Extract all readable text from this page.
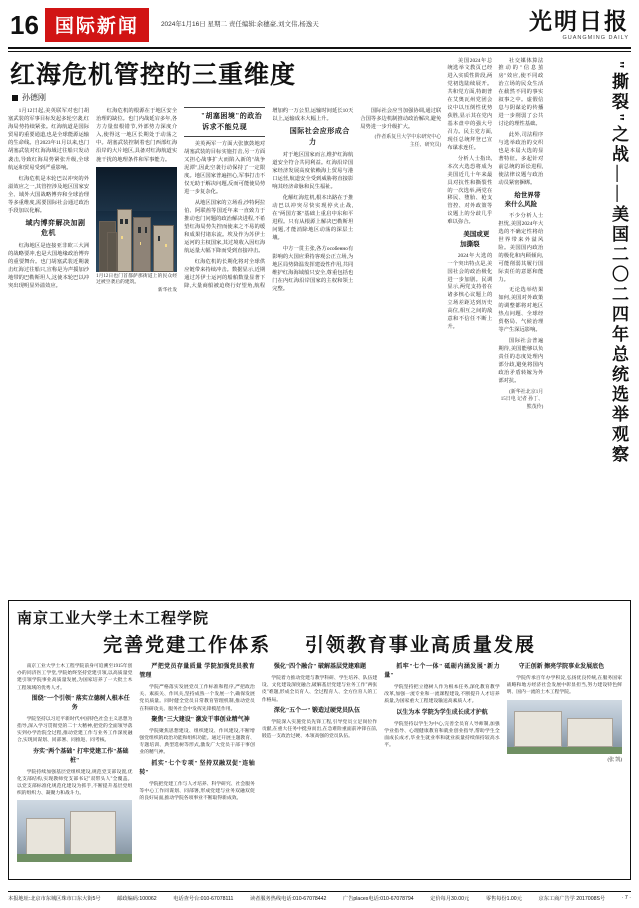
16 国际新闻	2024年1月16日 星期二 责任编辑:余穗豪,刘文伟,杨逸天	光明日报
GUANGMING DAILY
红海危机管控的三重维度
孙德刚

1月12日起,美英联军对也门胡塞武装的军事目标发起多轮空袭,红海局势持续紧张。红海航道是国际贸易的重要通道,也是全球能源运输的生命线。自2023年11月以来,也门胡塞武装对红海海域过往船只发动袭击,导致红海局势紧张升级,全球航运和贸易受到严重影响。

红海危机是本轮巴以冲突的外溢效应之一,其管控涉及地区国家安全、域外大国战略博弈和全球治理等多重维度,需要国际社会通过政治手段加以化解。

域内博弈解决加剧危机

红海地区是连接亚非欧三大洲的战略要冲,也是大国地缘政治博弈的重要舞台。也门胡塞武装近期袭击红海过往船只,宣称是为声援加沙地带的巴勒斯坦人,这使本轮巴以冲突出现明显外溢效应。

红海危机的根源在于地区安全治理的缺位。也门内战延宕多年,各方力量盘根错节,外部势力深度介入,使得这一地区长期处于动荡之中。胡塞武装控制着也门西部红海沿岸的大片地区,具备对红海航道实施干扰的地理条件和军事能力。

1月12日也门首都萨那街道上的民众经过被空袭后的建筑。
新华社发

"胡塞困境"的政治诉求不能兑现

美英两军一方面大张旗鼓地对胡塞武装的目标实施打击,另一方面又担心战事扩大而陷入新的"战争泥潭",因此空袭行动保持了一定限度。地区国家普遍担心,军事打击不仅无助于解决问题,反而可能使局势进一步复杂化。

从地区国家的立场看,沙特阿拉伯、阿联酋等国近年来一直致力于推动也门问题的政治解决进程,不希望红海局势失控而使来之不易的缓和成果付诸东流。埃及作为苏伊士运河的主权国家,其过境收入因红海航运量大幅下降而受到直接冲击。

红海危机的长期化将对全球供应链带来持续冲击。数据显示,近期通过苏伊士运河的船舶数量显著下降,大量商船被迫绕行好望角,航程增加约一万公里,运输时间延长10天以上,运输成本大幅上升。

国际社会应形成合力

对于地区国家而言,维护红海航道安全符合共同利益。红海沿岸国家经济发展高度依赖海上贸易与港口运营,航道安全受到威胁将直接影响其经济命脉和民生福祉。

化解红海危机,根本出路在于推动巴以冲突尽快实现停火止战,在"两国方案"基础上重启中东和平进程。只有从根源上解决巴勒斯坦问题,才能消除地区动荡的深层土壤。

中方一贯主张,各方особенно有影响的大国应秉持客观公正立场,为地区局势降温发挥建设性作用,共同维护红海海域船只安全,尊重包括也门在内红海沿岸国家的主权和领土完整。

国际社会应当加强协调,通过联合国等多边机制推动政治解决,避免局势进一步升级扩大。

(作者系复旦大学中东研究中心主任、研究员)

美国2024年总统选举文教页已经进入实质性阶段,两党初选陆续展开。共和党方面,特朗普在艾奥瓦州党团会议中以压倒性优势获胜,显示其在党内基本盘中的强大号召力。民主党方面,现任总统拜登已宣布谋求连任。

分析人士指出,本次大选恐将成为美国近几十年来最具对抗性和撕裂性的一次选举,两党在移民、堕胎、枪支管控、对外政策等议题上的分歧几乎难以弥合。

美国或更加撕裂

2024年大选的一个突出特点是,美国社会的政治极化进一步加剧。民调显示,两党支持者在诸多核心议题上的立场差距达到历史高位,相互之间的敌意和不信任不断上升。

社交媒体算法推动的"信息茧房"效应,使不同政治立场的民众生活在截然不同的事实叙事之中。虚假信息与阴谋论的传播进一步削弱了公共讨论的理性基础。

此外,司法程序与选举政治的交织也是本届大选的显著特征。多起针对前总统的诉讼进程,使法律议题与政治动员紧密捆绑。

给世界带来什么风险

不少分析人士担忧,美国2024年大选的不确定性将给世界带来外溢风险。美国国内政治的极化和内顾倾向,可能削弱其履行国际责任的意愿和能力。

无论选举结果如何,美国对外政策的调整都将对地区热点问题、全球经贸格局、气候治理等产生深远影响。

国际社会普遍期待,美国能够以负责任的态度处理内部分歧,避免将国内政治矛盾转嫁为外部对抗。

(新华社北京1月15日电 记者 孙丁、熊茂伶)	"撕裂"之战——美国二〇二四年总统选举观察
南京工业大学土木工程学院
完善党建工作体系 引领教育事业高质量发展

南京工业大学土木工程学院前身可追溯至1915年创办的同济医工学堂,学院始终坚持党建引领,以高质量党建引领学院事业高质量发展,为国家培养了一大批土木工程领域的优秀人才。

围绕"一个引领" 落实立德树人根本任务

学院坚持以习近平新时代中国特色社会主义思想为指导,深入学习贯彻党的二十大精神,把党的全面领导落实到办学治院全过程,推动党建工作与业务工作深度融合,实现同谋划、同部署、同推进、同考核。

夯实"两个基础" 打牢党建工作"基础桩"

学院持续加强基层党组织建设,规范党支部设置,优化支部结构,实现教师党支部书记"双带头人"全覆盖。以党支部标准化规范化建设为抓手,不断提升基层党组织的组织力、凝聚力和战斗力。

严把党员存量质量 学院加强党员教育管理

学院严格落实发展党员工作标准和程序,严把政治关、素质关、作风关,坚持成熟一个发展一个,确保发展党员质量。同时健全党员日常教育管理机制,推动党员在科研攻关、服务社会中发挥先锋模范作用。

聚焦"三大建设" 激发干事创业精气神

学院聚焦思想建设、组织建设、作风建设,不断增强党组织的政治功能和组织功能。通过开展主题教育、专题培训、典型选树等形式,激发广大党员干部干事创业的精气神。

抓实"七个专项" 坚持双融双促"连轴转"

学院把党建工作与人才培养、科学研究、社会服务等中心工作同谋划、同部署,形成党建与业务双融双促的良好局面,推动学院各项事业不断取得新成效。

强化"四个融合" 破解基层党建难题

学院着力推动党建与教学科研、学生培养、队伍建设、文化建设深度融合,破解基层党建与业务工作"两张皮"难题,形成全员育人、全过程育人、全方位育人的工作格局。

深化"五个一" 锻造过硬党员队伍

学院深入实施党员先锋工程,引导党员立足岗位作贡献,在重大任务中挺身而出,在急难险重面前冲锋在前,锻造一支政治过硬、本领高强的党员队伍。

抓牢"七个一体" 砥砺内涵发展"新力量"

学院坚持把立德树人作为根本任务,深化教育教学改革,加强一流专业和一流课程建设,不断提升人才培养质量,为国家重大工程建设输送高素质人才。

以生为本 学院为学生成长成才护航

学院坚持以学生为中心,完善全员育人导师制,加强学业指导、心理健康教育和就业创业指导,帮助学生全面成长成才,毕业生就业率和就业质量持续保持较高水平。

守正创新 擦亮学院事业发展底色

学院传承百年办学积淀,弘扬优良传统,在服务国家战略和地方经济社会发展中彰显担当,努力建设特色鲜明、国内一流的土木工程学院。

(张 凯)

本报地址:北京市东城区珠市口东大街5号	邮政编码:100062	电话查号台:010-67078111	读者服务热线电话:010-67078442	广告places电话:010-67078794	定价每月30.00元	零售每份1.00元	京东工商广告学 2017008S号	· 7 ·
